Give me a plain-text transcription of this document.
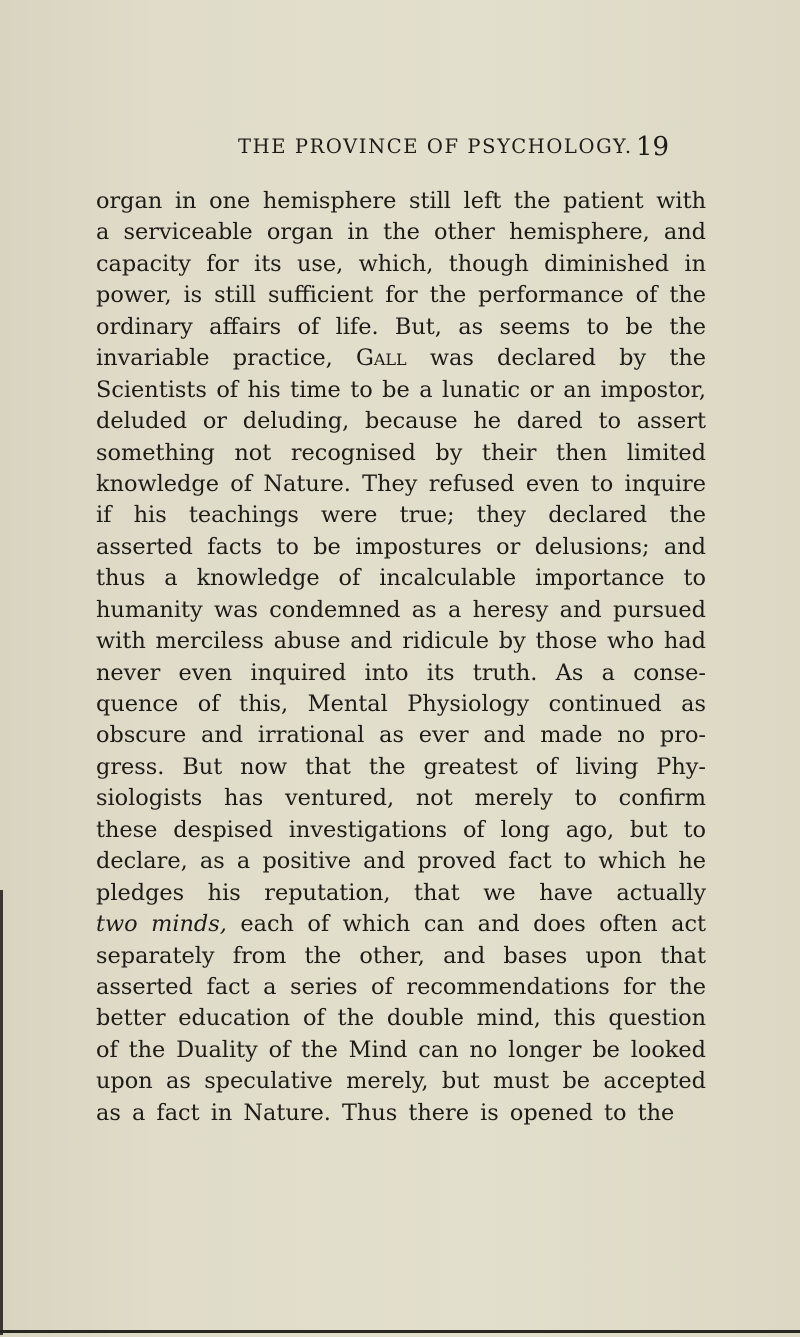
THE PROVINCE OF PSYCHOLOGY. 19
organ in one hemisphere still left the patient with
a serviceable organ in the other hemisphere, and
capacity for its use, which, though diminished in
power, is still sufficient for the performance of the
ordinary affairs of life. But, as seems to be the
invariable practice, Gall was declared by the
Scientists of his time to be a lunatic or an impostor,
deluded or deluding, because he dared to assert
something not recognised by their then limited
knowledge of Nature. They refused even to inquire
if his teachings were true; they declared the
asserted facts to be impostures or delusions; and
thus a knowledge of incalculable importance to
humanity was condemned as a heresy and pursued
with merciless abuse and ridicule by those who had
never even inquired into its truth. As a conse-
quence of this, Mental Physiology continued as
obscure and irrational as ever and made no pro-
gress. But now that the greatest of living Phy-
siologists has ventured, not merely to confirm
these despised investigations of long ago, but to
declare, as a positive and proved fact to which he
pledges his reputation, that we have actually
two minds, each of which can and does often act
separately from the other, and bases upon that
asserted fact a series of recommendations for the
better education of the double mind, this question
of the Duality of the Mind can no longer be looked
upon as speculative merely, but must be accepted
as a fact in Nature. Thus there is opened to the
